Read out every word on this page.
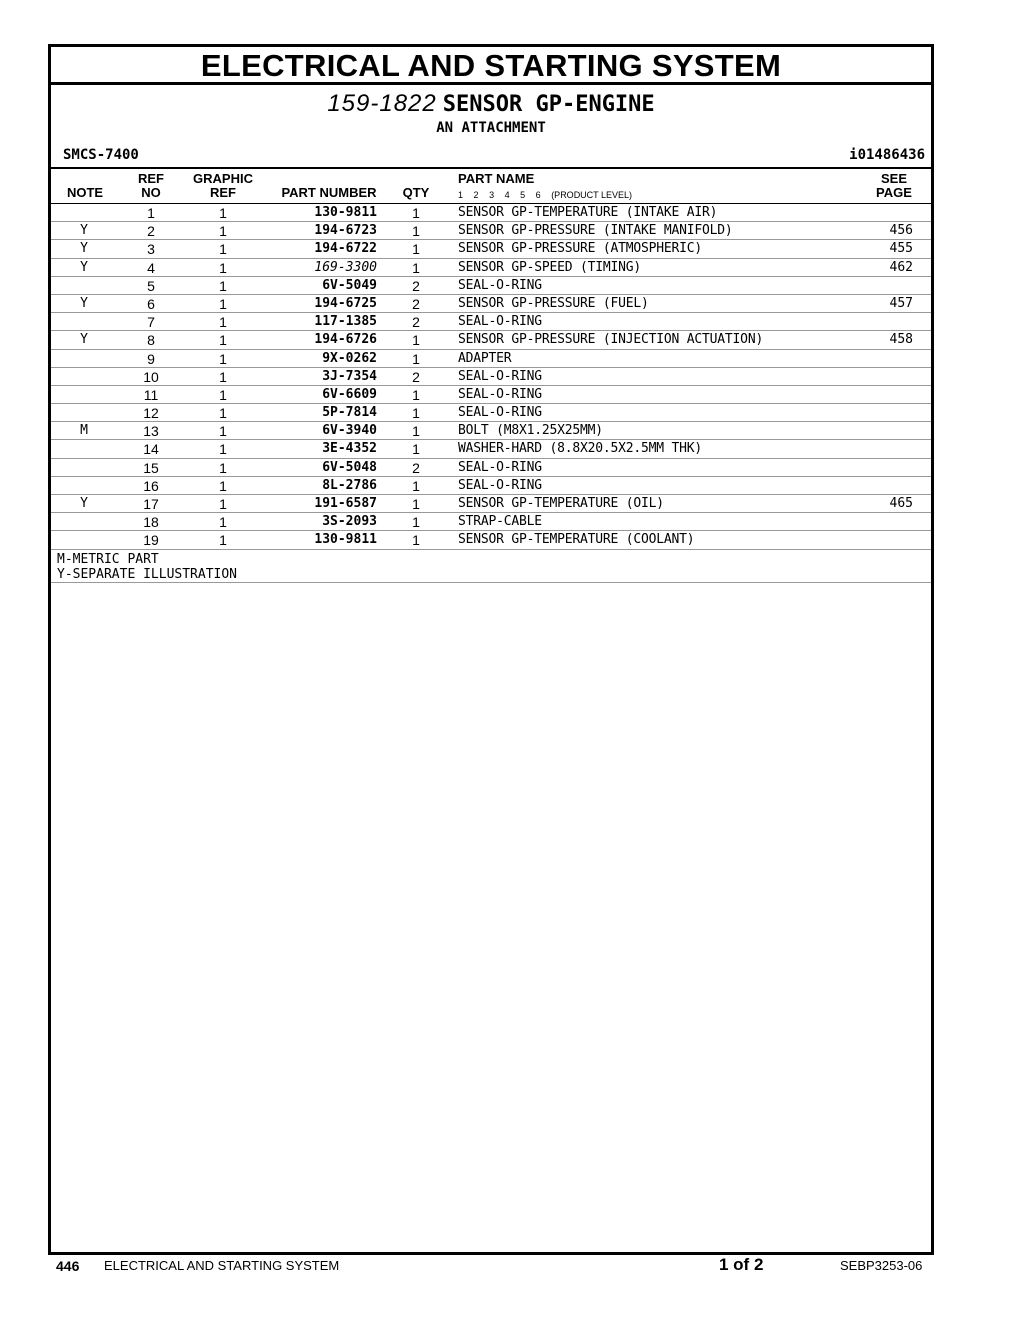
ELECTRICAL AND STARTING SYSTEM
159-1822 SENSOR GP-ENGINE
AN ATTACHMENT
SMCS-7400	i01486436
NOTE
REF
NO
GRAPHIC
REF	PART NUMBER	QTY
PART NAME
1 2 3 4 5 6 (PRODUCT LEVEL)
SEE
PAGE
1	1	130-9811	1	SENSOR GP-TEMPERATURE (INTAKE AIR)
Y	2	1	194-6723	1	SENSOR GP-PRESSURE (INTAKE MANIFOLD)	456
Y	3	1	194-6722	1	SENSOR GP-PRESSURE (ATMOSPHERIC)	455
Y	4	1	169-3300	1	SENSOR GP-SPEED (TIMING)	462
5	1	6V-5049	2	SEAL-O-RING
Y	6	1	194-6725	2	SENSOR GP-PRESSURE (FUEL)	457
7	1	117-1385	2	SEAL-O-RING
Y	8	1	194-6726	1	SENSOR GP-PRESSURE (INJECTION ACTUATION)	458
9	1	9X-0262	1	ADAPTER
10	1	3J-7354	2	SEAL-O-RING
11	1	6V-6609	1	SEAL-O-RING
12	1	5P-7814	1	SEAL-O-RING
M	13	1	6V-3940	1	BOLT (M8X1.25X25MM)
14	1	3E-4352	1	WASHER-HARD (8.8X20.5X2.5MM THK)
15	1	6V-5048	2	SEAL-O-RING
16	1	8L-2786	1	SEAL-O-RING
Y	17	1	191-6587	1	SENSOR GP-TEMPERATURE (OIL)	465
18	1	3S-2093	1	STRAP-CABLE
19	1	130-9811	1	SENSOR GP-TEMPERATURE (COOLANT)
M-METRIC PART
Y-SEPARATE ILLUSTRATION
446 ELECTRICAL AND STARTING SYSTEM	1 of 2	SEBP3253-06
